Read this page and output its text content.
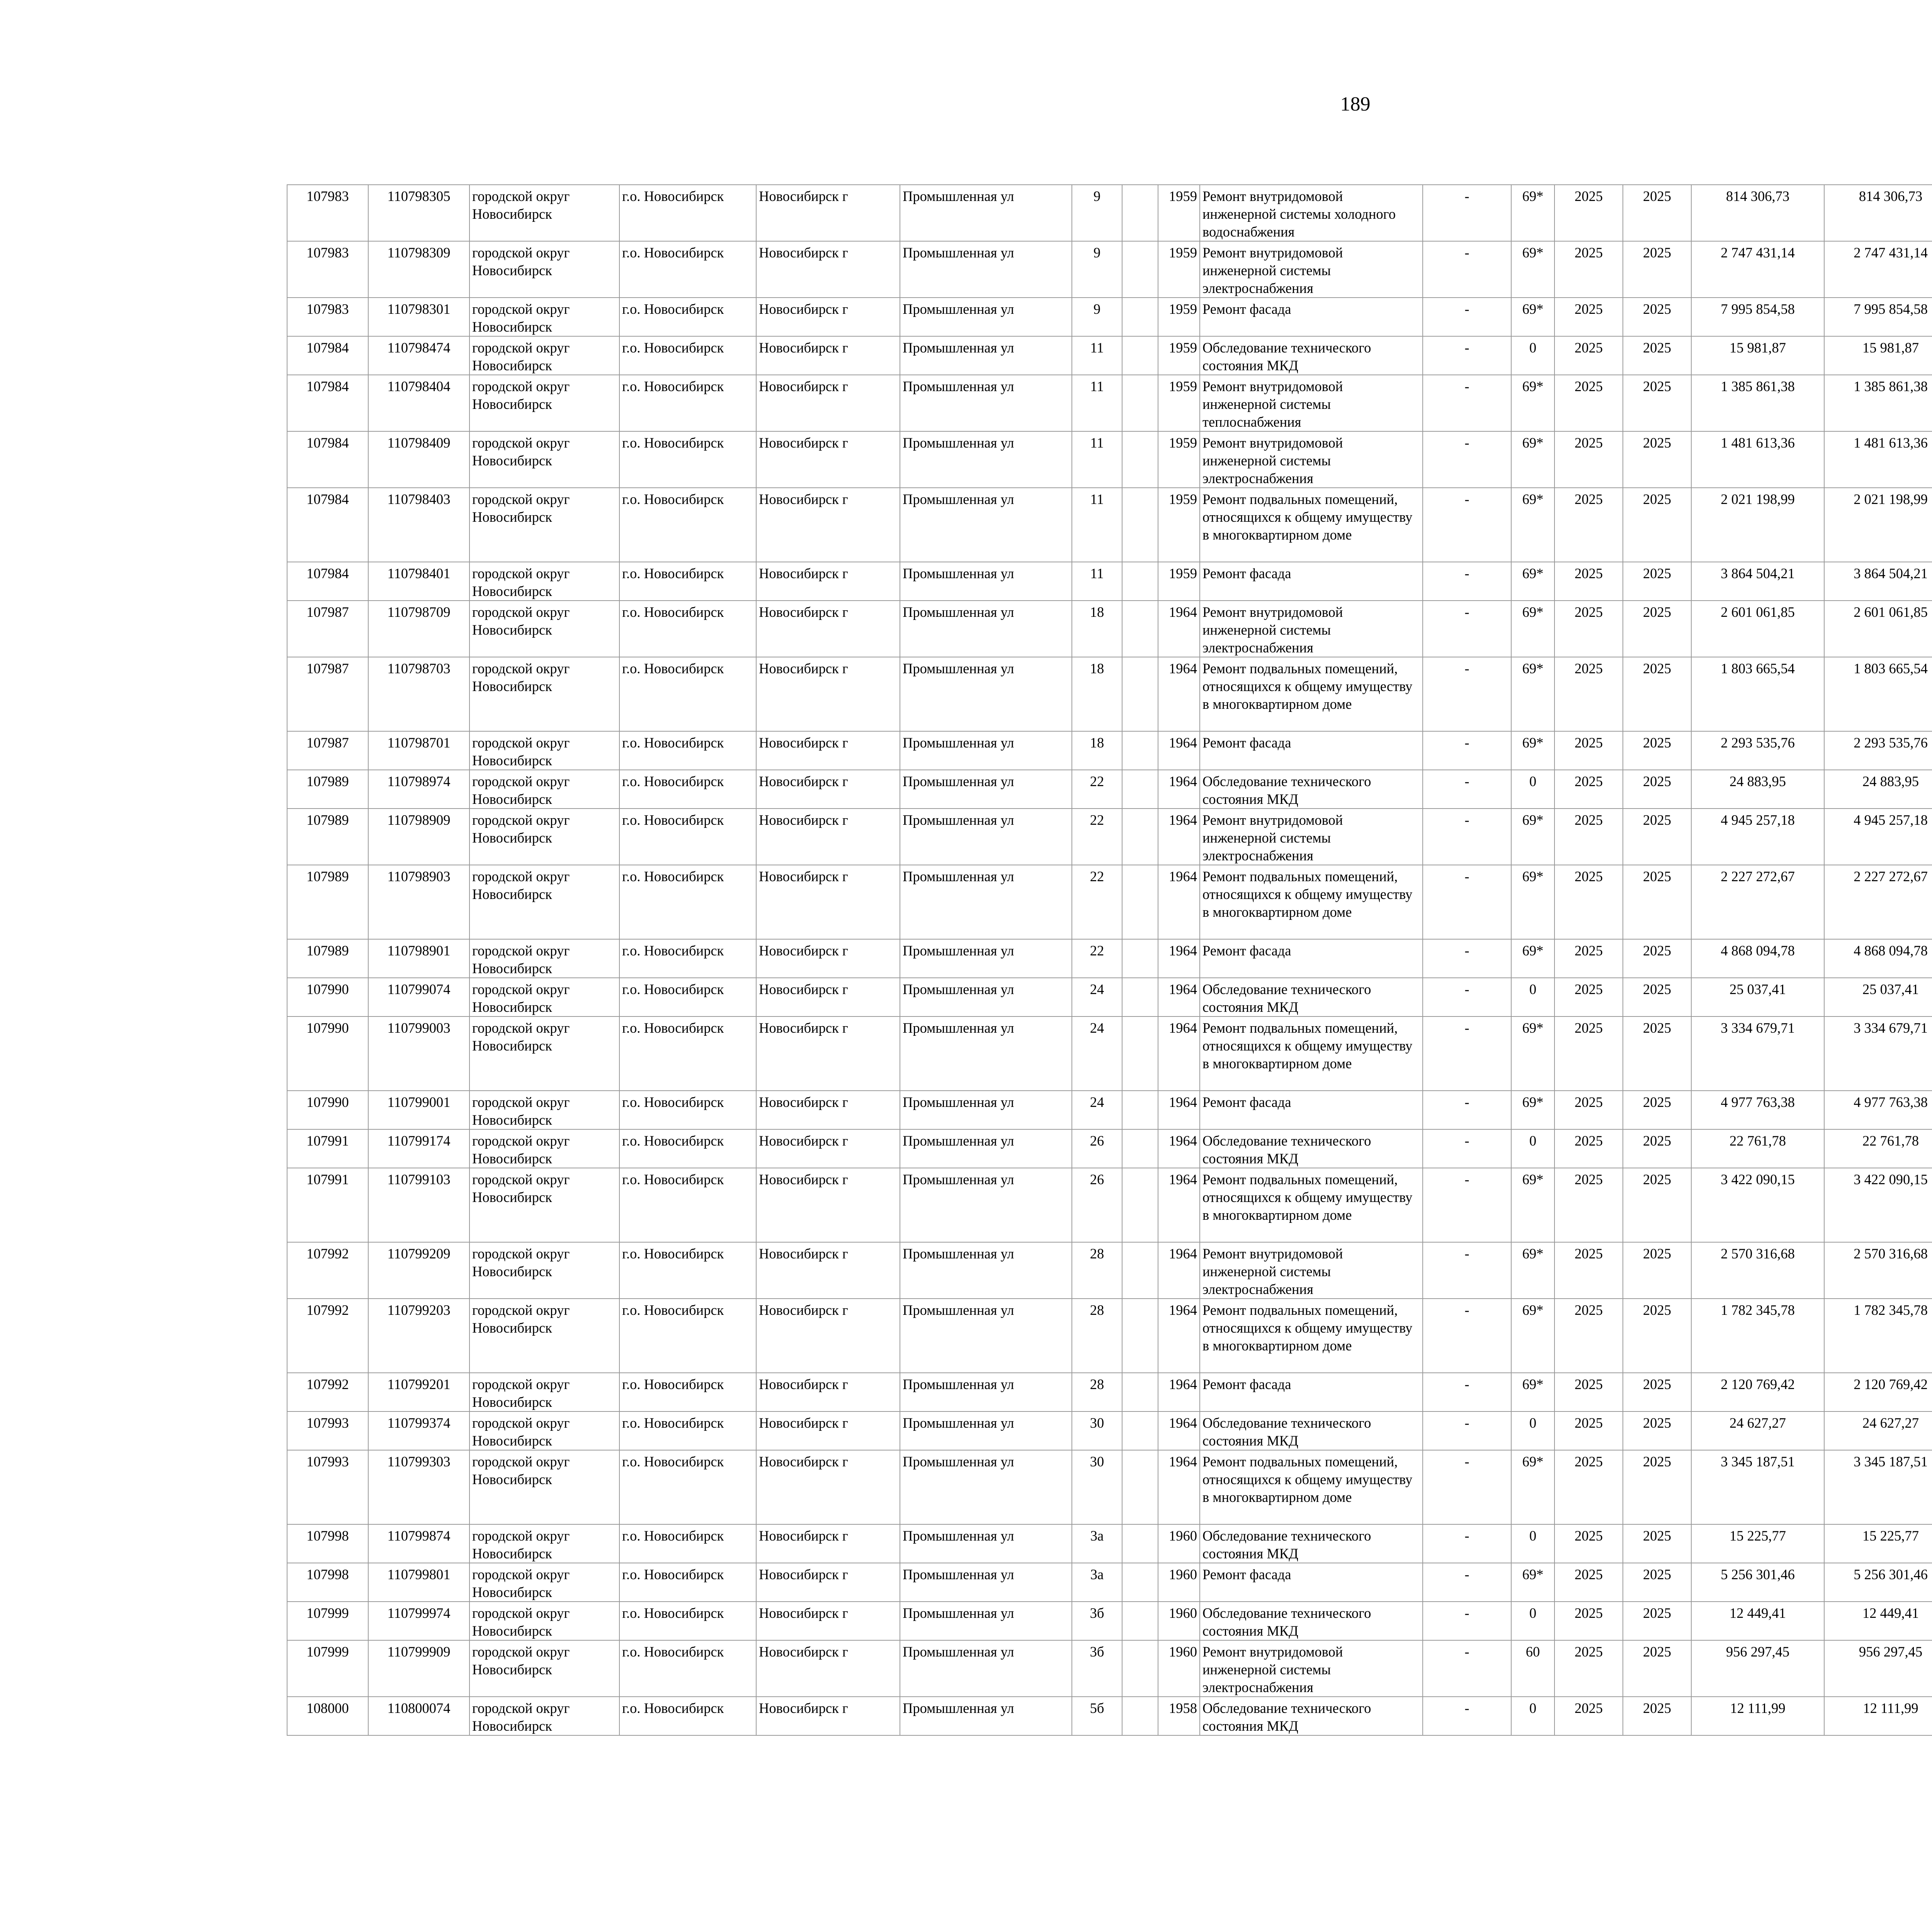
189
107983	110798305	городской округ Новосибирск	г.о. Новосибирск	Новосибирск г	Промышленная ул	9		1959	Ремонт внутридомовой инженерной системы холодного водоснабжения	-	69*	2025	2025	814 306,73	814 306,73						
107983	110798309	городской округ Новосибирск	г.о. Новосибирск	Новосибирск г	Промышленная ул	9		1959	Ремонт внутридомовой инженерной системы электроснабжения	-	69*	2025	2025	2 747 431,14	2 747 431,14						
107983	110798301	городской округ Новосибирск	г.о. Новосибирск	Новосибирск г	Промышленная ул	9		1959	Ремонт фасада	-	69*	2025	2025	7 995 854,58	7 995 854,58						
107984	110798474	городской округ Новосибирск	г.о. Новосибирск	Новосибирск г	Промышленная ул	11		1959	Обследование технического состояния МКД	-	0	2025	2025	15 981,87	15 981,87						
107984	110798404	городской округ Новосибирск	г.о. Новосибирск	Новосибирск г	Промышленная ул	11		1959	Ремонт внутридомовой инженерной системы теплоснабжения	-	69*	2025	2025	1 385 861,38	1 385 861,38						
107984	110798409	городской округ Новосибирск	г.о. Новосибирск	Новосибирск г	Промышленная ул	11		1959	Ремонт внутридомовой инженерной системы электроснабжения	-	69*	2025	2025	1 481 613,36	1 481 613,36						
107984	110798403	городской округ Новосибирск	г.о. Новосибирск	Новосибирск г	Промышленная ул	11		1959	Ремонт подвальных помещений, относящихся к общему имуществу в многоквартирном доме	-	69*	2025	2025	2 021 198,99	2 021 198,99						
107984	110798401	городской округ Новосибирск	г.о. Новосибирск	Новосибирск г	Промышленная ул	11		1959	Ремонт фасада	-	69*	2025	2025	3 864 504,21	3 864 504,21						
107987	110798709	городской округ Новосибирск	г.о. Новосибирск	Новосибирск г	Промышленная ул	18		1964	Ремонт внутридомовой инженерной системы электроснабжения	-	69*	2025	2025	2 601 061,85	2 601 061,85						
107987	110798703	городской округ Новосибирск	г.о. Новосибирск	Новосибирск г	Промышленная ул	18		1964	Ремонт подвальных помещений, относящихся к общему имуществу в многоквартирном доме	-	69*	2025	2025	1 803 665,54	1 803 665,54						
107987	110798701	городской округ Новосибирск	г.о. Новосибирск	Новосибирск г	Промышленная ул	18		1964	Ремонт фасада	-	69*	2025	2025	2 293 535,76	2 293 535,76						
107989	110798974	городской округ Новосибирск	г.о. Новосибирск	Новосибирск г	Промышленная ул	22		1964	Обследование технического состояния МКД	-	0	2025	2025	24 883,95	24 883,95						
107989	110798909	городской округ Новосибирск	г.о. Новосибирск	Новосибирск г	Промышленная ул	22		1964	Ремонт внутридомовой инженерной системы электроснабжения	-	69*	2025	2025	4 945 257,18	4 945 257,18						
107989	110798903	городской округ Новосибирск	г.о. Новосибирск	Новосибирск г	Промышленная ул	22		1964	Ремонт подвальных помещений, относящихся к общему имуществу в многоквартирном доме	-	69*	2025	2025	2 227 272,67	2 227 272,67						
107989	110798901	городской округ Новосибирск	г.о. Новосибирск	Новосибирск г	Промышленная ул	22		1964	Ремонт фасада	-	69*	2025	2025	4 868 094,78	4 868 094,78						
107990	110799074	городской округ Новосибирск	г.о. Новосибирск	Новосибирск г	Промышленная ул	24		1964	Обследование технического состояния МКД	-	0	2025	2025	25 037,41	25 037,41						
107990	110799003	городской округ Новосибирск	г.о. Новосибирск	Новосибирск г	Промышленная ул	24		1964	Ремонт подвальных помещений, относящихся к общему имуществу в многоквартирном доме	-	69*	2025	2025	3 334 679,71	3 334 679,71						
107990	110799001	городской округ Новосибирск	г.о. Новосибирск	Новосибирск г	Промышленная ул	24		1964	Ремонт фасада	-	69*	2025	2025	4 977 763,38	4 977 763,38						
107991	110799174	городской округ Новосибирск	г.о. Новосибирск	Новосибирск г	Промышленная ул	26		1964	Обследование технического состояния МКД	-	0	2025	2025	22 761,78	22 761,78						
107991	110799103	городской округ Новосибирск	г.о. Новосибирск	Новосибирск г	Промышленная ул	26		1964	Ремонт подвальных помещений, относящихся к общему имуществу в многоквартирном доме	-	69*	2025	2025	3 422 090,15	3 422 090,15						
107992	110799209	городской округ Новосибирск	г.о. Новосибирск	Новосибирск г	Промышленная ул	28		1964	Ремонт внутридомовой инженерной системы электроснабжения	-	69*	2025	2025	2 570 316,68	2 570 316,68						
107992	110799203	городской округ Новосибирск	г.о. Новосибирск	Новосибирск г	Промышленная ул	28		1964	Ремонт подвальных помещений, относящихся к общему имуществу в многоквартирном доме	-	69*	2025	2025	1 782 345,78	1 782 345,78						
107992	110799201	городской округ Новосибирск	г.о. Новосибирск	Новосибирск г	Промышленная ул	28		1964	Ремонт фасада	-	69*	2025	2025	2 120 769,42	2 120 769,42						
107993	110799374	городской округ Новосибирск	г.о. Новосибирск	Новосибирск г	Промышленная ул	30		1964	Обследование технического состояния МКД	-	0	2025	2025	24 627,27	24 627,27						
107993	110799303	городской округ Новосибирск	г.о. Новосибирск	Новосибирск г	Промышленная ул	30		1964	Ремонт подвальных помещений, относящихся к общему имуществу в многоквартирном доме	-	69*	2025	2025	3 345 187,51	3 345 187,51						
107998	110799874	городской округ Новосибирск	г.о. Новосибирск	Новосибирск г	Промышленная ул	3а		1960	Обследование технического состояния МКД	-	0	2025	2025	15 225,77	15 225,77						
107998	110799801	городской округ Новосибирск	г.о. Новосибирск	Новосибирск г	Промышленная ул	3а		1960	Ремонт фасада	-	69*	2025	2025	5 256 301,46	5 256 301,46						
107999	110799974	городской округ Новосибирск	г.о. Новосибирск	Новосибирск г	Промышленная ул	3б		1960	Обследование технического состояния МКД	-	0	2025	2025	12 449,41	12 449,41						
107999	110799909	городской округ Новосибирск	г.о. Новосибирск	Новосибирск г	Промышленная ул	3б		1960	Ремонт внутридомовой инженерной системы электроснабжения	-	60	2025	2025	956 297,45	956 297,45						
108000	110800074	городской округ Новосибирск	г.о. Новосибирск	Новосибирск г	Промышленная ул	5б		1958	Обследование технического состояния МКД	-	0	2025	2025	12 111,99	12 111,99						
